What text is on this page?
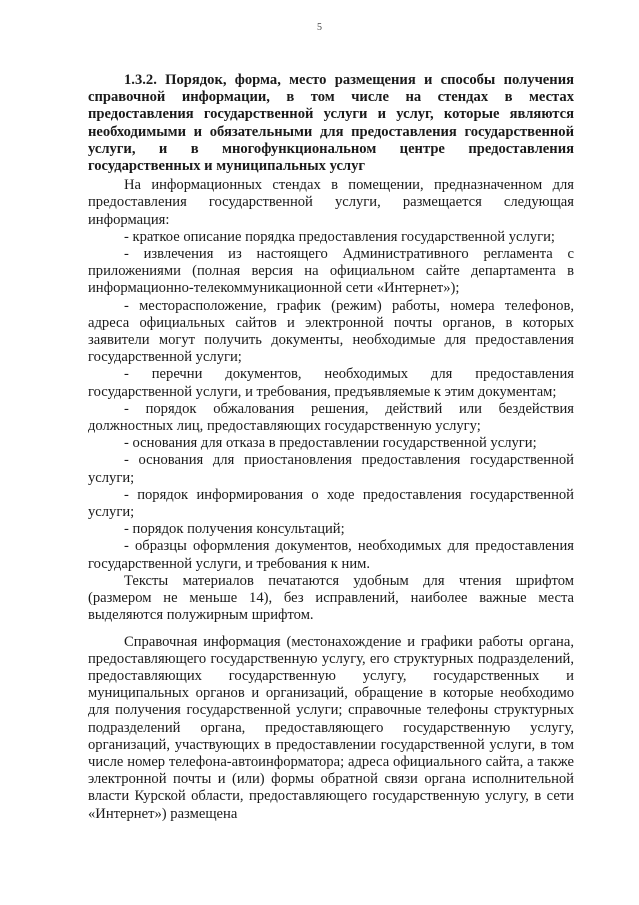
5

1.3.2. Порядок, форма, место размещения и способы получения справочной информации, в том числе на стендах в местах предоставления государственной услуги и услуг, которые являются необходимыми и обязательными для предоставления государственной услуги, и в многофункциональном центре предоставления государственных и муниципальных услуг

На информационных стендах в помещении, предназначенном для предоставления государственной услуги, размещается следующая информация:

- краткое описание порядка предоставления государственной услуги;

- извлечения из настоящего Административного регламента с приложениями (полная версия на официальном сайте департамента в информационно-телекоммуникационной сети «Интернет»);

- месторасположение, график (режим) работы, номера телефонов, адреса официальных сайтов и электронной почты органов, в которых заявители могут получить документы, необходимые для предоставления государственной услуги;

- перечни документов, необходимых для предоставления государственной услуги, и требования, предъявляемые к этим документам;

- порядок обжалования решения, действий или бездействия должностных лиц, предоставляющих государственную услугу;

- основания для отказа в предоставлении государственной услуги;

- основания для приостановления предоставления государственной услуги;

- порядок информирования о ходе предоставления государственной услуги;

- порядок получения консультаций;

- образцы оформления документов, необходимых для предоставления государственной услуги, и требования к ним.

Тексты материалов печатаются удобным для чтения шрифтом (размером не меньше 14), без исправлений, наиболее важные места выделяются полужирным шрифтом.

Справочная информация (местонахождение и графики работы органа, предоставляющего государственную услугу, его структурных подразделений, предоставляющих государственную услугу, государственных и муниципальных органов и организаций, обращение в которые необходимо для получения государственной услуги; справочные телефоны структурных подразделений органа, предоставляющего государственную услугу, организаций, участвующих в предоставлении государственной услуги, в том числе номер телефона-автоинформатора; адреса официального сайта, а также электронной почты и (или) формы обратной связи органа исполнительной власти Курской области, предоставляющего государственную услугу, в сети «Интернет») размещена
